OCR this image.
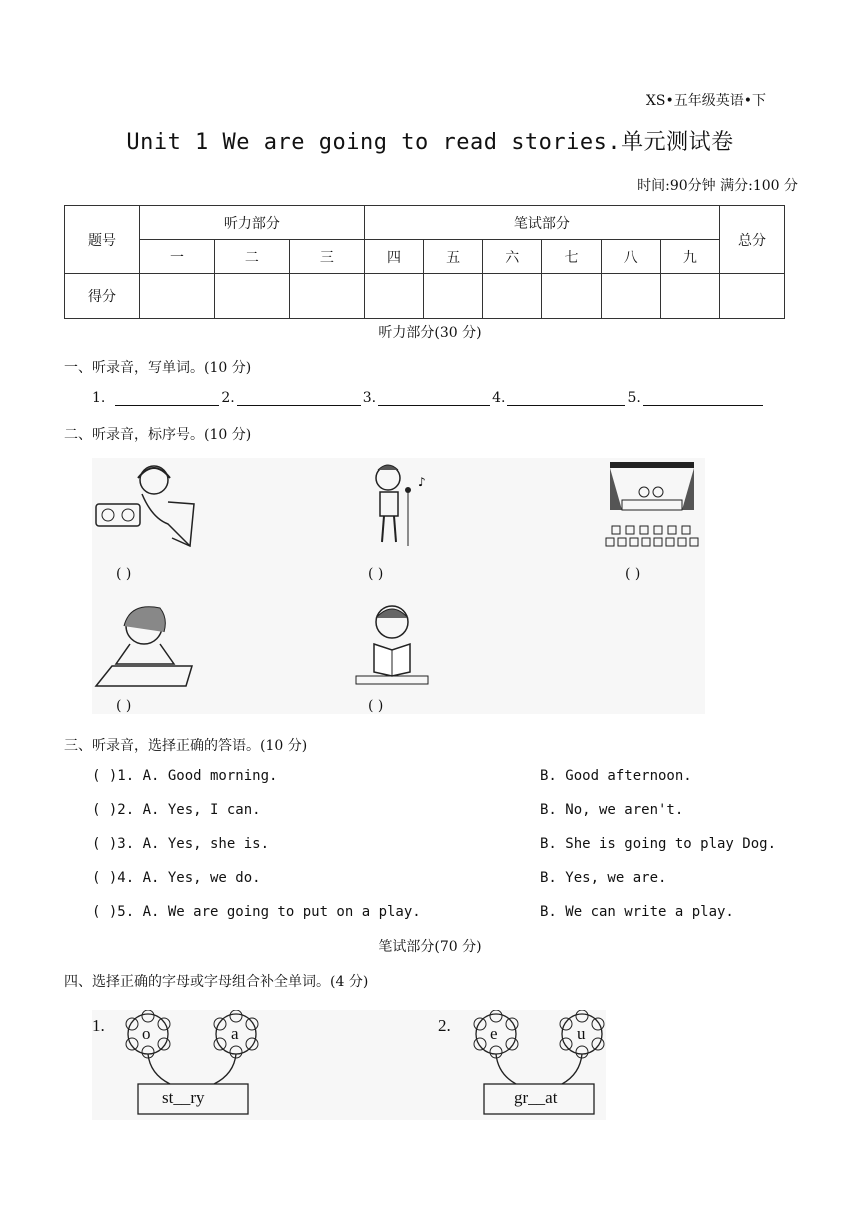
XS•五年级英语•下
Unit 1 We are going to read stories.单元测试卷
时间:90分钟 满分:100 分
题号	听力部分			笔试部分						总分
	一	二	三	四	五	六	七	八	九	
得分										
听力部分(30 分)
一、听录音，写单词。(10 分)
1.	2.	3.	4.	5.
二、听录音，标序号。(10 分)
♪
( )	( )	( )
( )	( )
三、听录音，选择正确的答语。(10 分)
( )1. A. Good morning.	B. Good afternoon.
( )2. A. Yes, I can.	B. No, we aren't.
( )3. A. Yes, she is.	B. She is going to play Dog.
( )4. A. Yes, we do.	B. Yes, we are.
( )5. A. We are going to put on a play.	B. We can write a play.
笔试部分(70 分)
四、选择正确的字母或字母组合补全单词。(4 分)
1. o	a
st__ry
2. e	u
gr__at
